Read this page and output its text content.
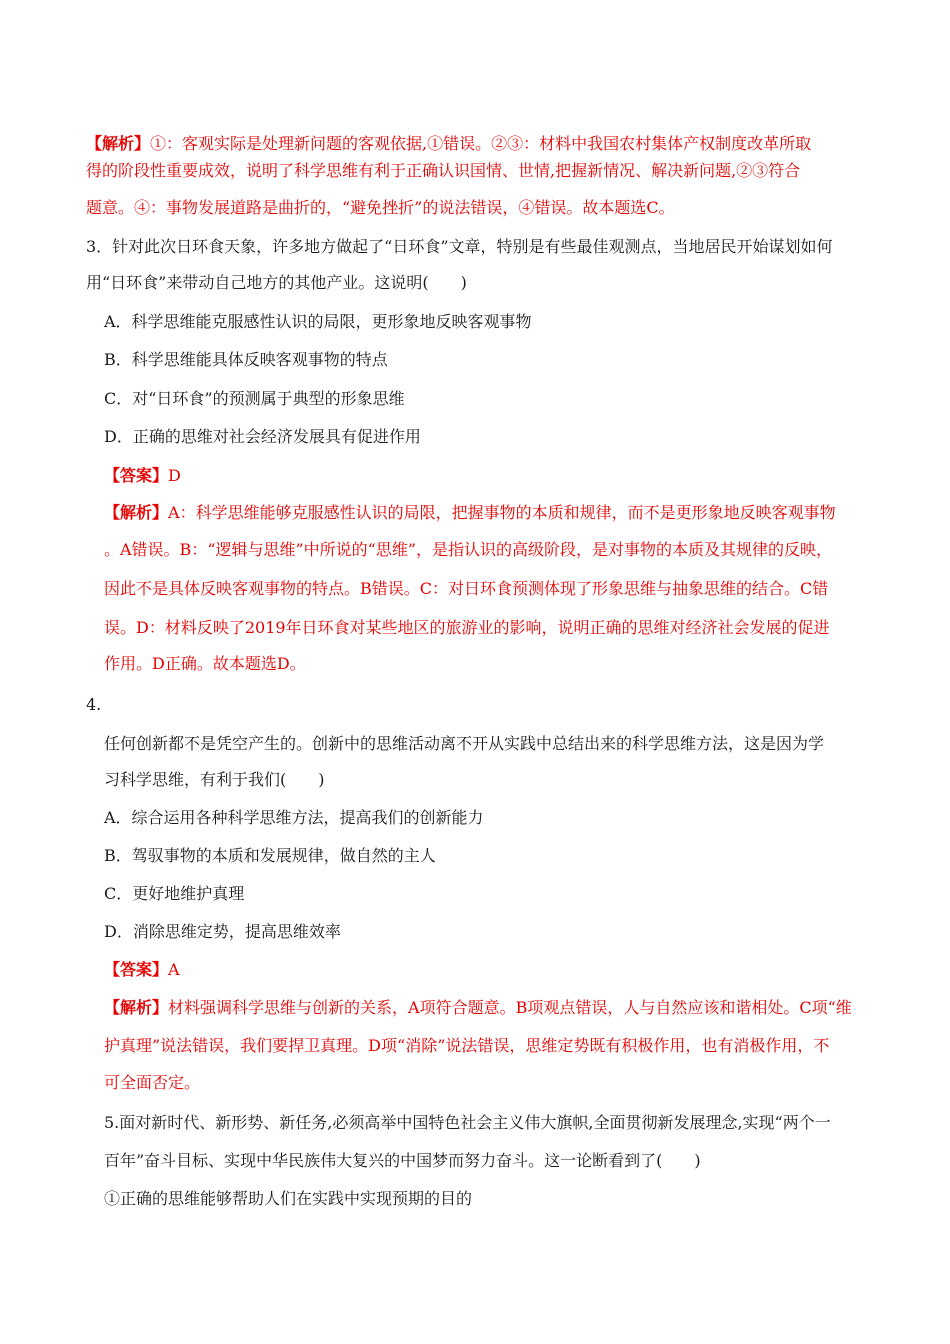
【解析】①：客观实际是处理新问题的客观依据,①错误。②③：材料中我国农村集体产权制度改革所取
得的阶段性重要成效，说明了科学思维有利于正确认识国情、世情,把握新情况、解决新问题,②③符合
题意。④：事物发展道路是曲折的，“避免挫折”的说法错误，④错误。故本题选C。
3．针对此次日环食天象，许多地方做起了“日环食”文章，特别是有些最佳观测点，当地居民开始谋划如何
用“日环食”来带动自己地方的其他产业。这说明(　　)
A．科学思维能克服感性认识的局限，更形象地反映客观事物
B．科学思维能具体反映客观事物的特点
C．对“日环食”的预测属于典型的形象思维
D．正确的思维对社会经济发展具有促进作用
【答案】D
【解析】A：科学思维能够克服感性认识的局限，把握事物的本质和规律，而不是更形象地反映客观事物
。A错误。B：“逻辑与思维”中所说的“思维”，是指认识的高级阶段，是对事物的本质及其规律的反映，
因此不是具体反映客观事物的特点。B错误。C：对日环食预测体现了形象思维与抽象思维的结合。C错
误。D：材料反映了2019年日环食对某些地区的旅游业的影响，说明正确的思维对经济社会发展的促进
作用。D正确。故本题选D。
4.
任何创新都不是凭空产生的。创新中的思维活动离不开从实践中总结出来的科学思维方法，这是因为学
习科学思维，有利于我们(　　)
A．综合运用各种科学思维方法，提高我们的创新能力
B．驾驭事物的本质和发展规律，做自然的主人
C．更好地维护真理
D．消除思维定势，提高思维效率
【答案】A
【解析】材料强调科学思维与创新的关系，A项符合题意。B项观点错误，人与自然应该和谐相处。C项“维
护真理”说法错误，我们要捍卫真理。D项“消除”说法错误，思维定势既有积极作用，也有消极作用，不
可全面否定。
5.面对新时代、新形势、新任务,必须高举中国特色社会主义伟大旗帜,全面贯彻新发展理念,实现“两个一
百年”奋斗目标、实现中华民族伟大复兴的中国梦而努力奋斗。这一论断看到了(　　)
①正确的思维能够帮助人们在实践中实现预期的目的
